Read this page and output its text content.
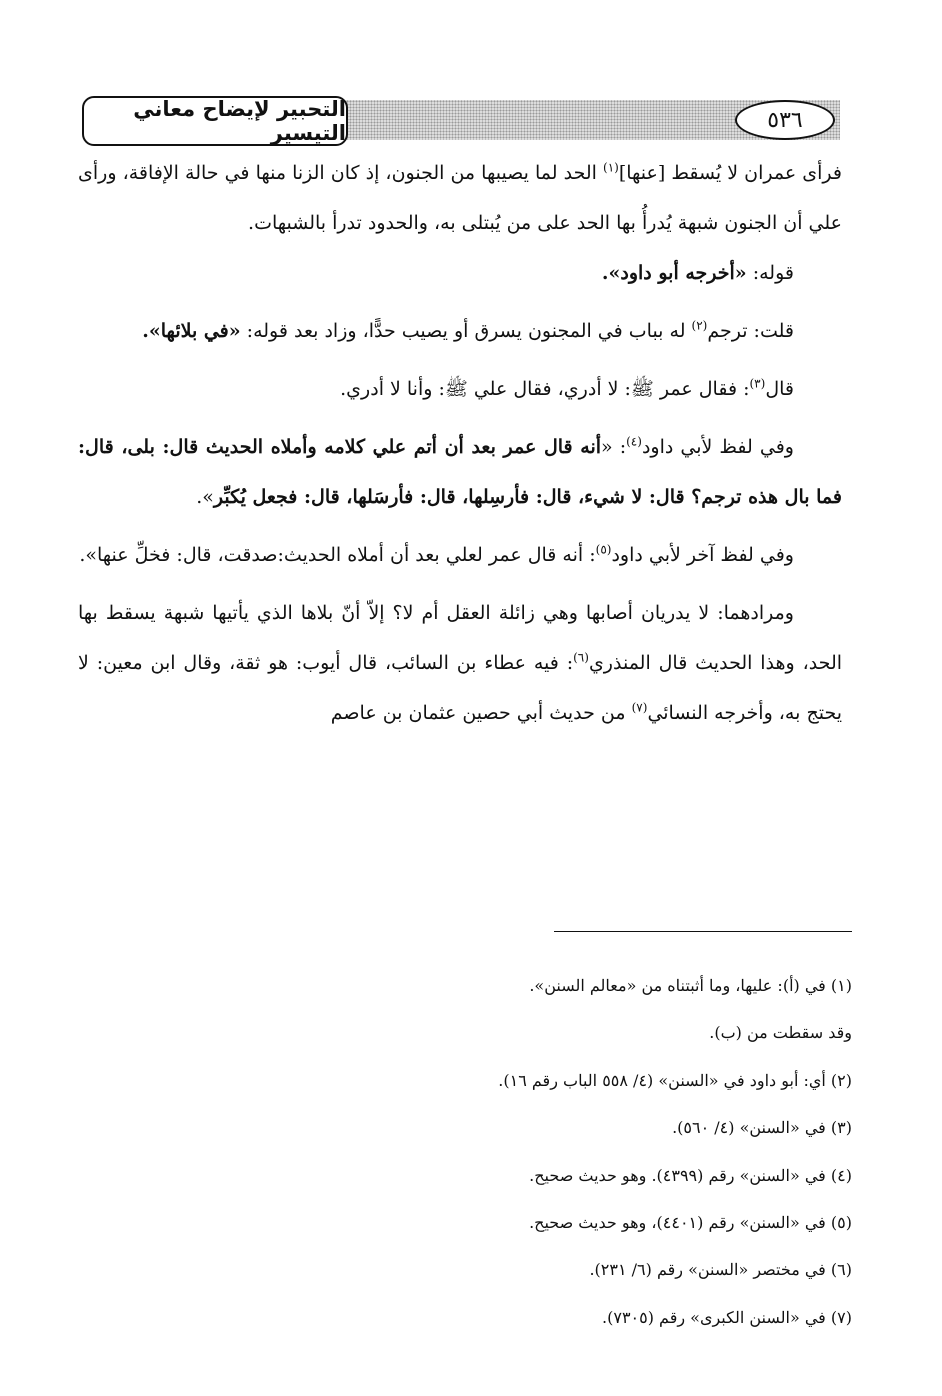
التحبير لإيضاح معاني التيسير
٥٣٦

فرأى عمران لا يُسقط [عنها]$^{(١)}$ الحد لما يصيبها من الجنون، إذ كان الزنا منها في حالة الإفاقة، ورأى علي أن الجنون شبهة يُدرأُ بها الحد على من يُبتلى به، والحدود تدرأ بالشبهات.

قوله: «أخرجه أبو داود».

قلت: ترجم$^{(٢)}$ له بباب في المجنون يسرق أو يصيب حدًّا، وزاد بعد قوله: «في بلائها».

قال$^{(٣)}$: فقال عمر ﷺ: لا أدري، فقال علي ﷺ: وأنا لا أدري.

وفي لفظ لأبي داود$^{(٤)}$: «أنه قال عمر بعد أن أتم علي كلامه وأملاه الحديث قال: بلى، قال: فما بال هذه ترجم؟ قال: لا شيء، قال: فأرسِلها، قال: فأرسَلها، قال: فجعل يُكبِّر».

وفي لفظ آخر لأبي داود$^{(٥)}$: أنه قال عمر لعلي بعد أن أملاه الحديث:صدقت، قال: فخلِّ عنها».

ومرادهما: لا يدريان أصابها وهي زائلة العقل أم لا؟ إلاّ أنّ بلاها الذي يأتيها شبهة يسقط بها الحد، وهذا الحديث قال المنذري$^{(٦)}$: فيه عطاء بن السائب، قال أيوب: هو ثقة، وقال ابن معين: لا يحتج به، وأخرجه النسائي$^{(٧)}$ من حديث أبي حصين عثمان بن عاصم

(١) في (أ): عليها، وما أثبتناه من «معالم السنن».

وقد سقطت من (ب).

(٢) أي: أبو داود في «السنن» (٤/ ٥٥٨ الباب رقم ١٦).

(٣) في «السنن» (٤/ ٥٦٠).

(٤) في «السنن» رقم (٤٣٩٩). وهو حديث صحيح.

(٥) في «السنن» رقم (٤٤٠١)، وهو حديث صحيح.

(٦) في مختصر «السنن» رقم (٦/ ٢٣١).

(٧) في «السنن الكبرى» رقم (٧٣٠٥).
